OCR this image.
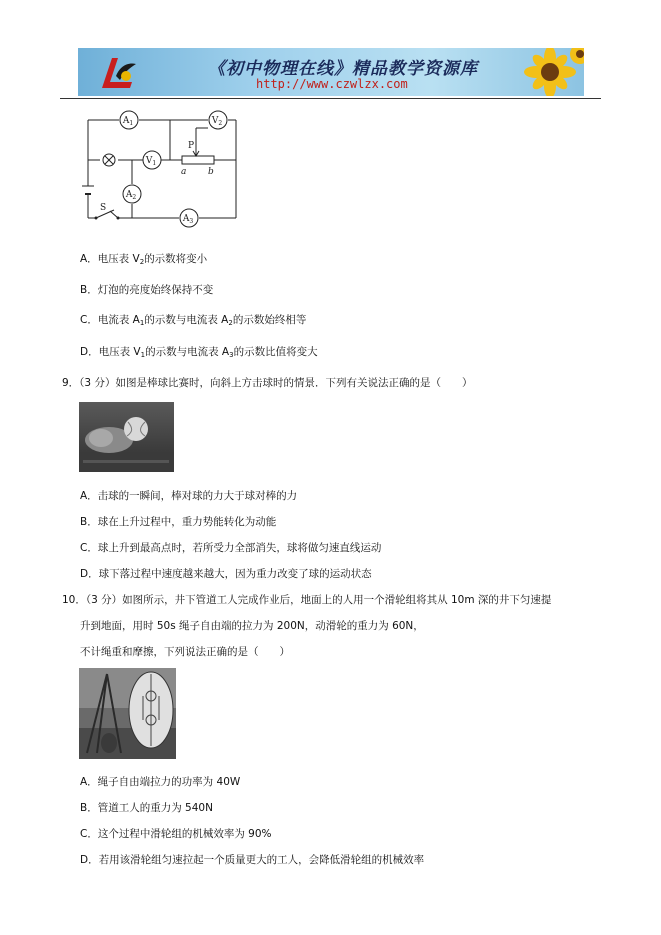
《初中物理在线》精品教学资源库
http://www.czwlzx.com
$A_1$	$V_2$
$V_1$
$A_2$
$A_3$
P
a b
S
A．电压表 $V_2$的示数将变小
B．灯泡的亮度始终保持不变
C．电流表 $A_1$的示数与电流表 $A_2$的示数始终相等
D．电压表 $V_1$的示数与电流表 $A_3$的示数比值将变大
9．（3 分）如图是棒球比赛时，向斜上方击球时的情景．下列有关说法正确的是（　　）
A．击球的一瞬间，棒对球的力大于球对棒的力
B．球在上升过程中，重力势能转化为动能
C．球上升到最高点时，若所受力全部消失，球将做匀速直线运动
D．球下落过程中速度越来越大，因为重力改变了球的运动状态
10．（3 分）如图所示，井下管道工人完成作业后，地面上的人用一个滑轮组将其从 10m 深的井下匀速提
升到地面，用时 50s 绳子自由端的拉力为 200N，动滑轮的重力为 60N，
不计绳重和摩擦，下列说法正确的是（　　）
A．绳子自由端拉力的功率为 40W
B．管道工人的重力为 540N
C．这个过程中滑轮组的机械效率为 90%
D．若用该滑轮组匀速拉起一个质量更大的工人，会降低滑轮组的机械效率
